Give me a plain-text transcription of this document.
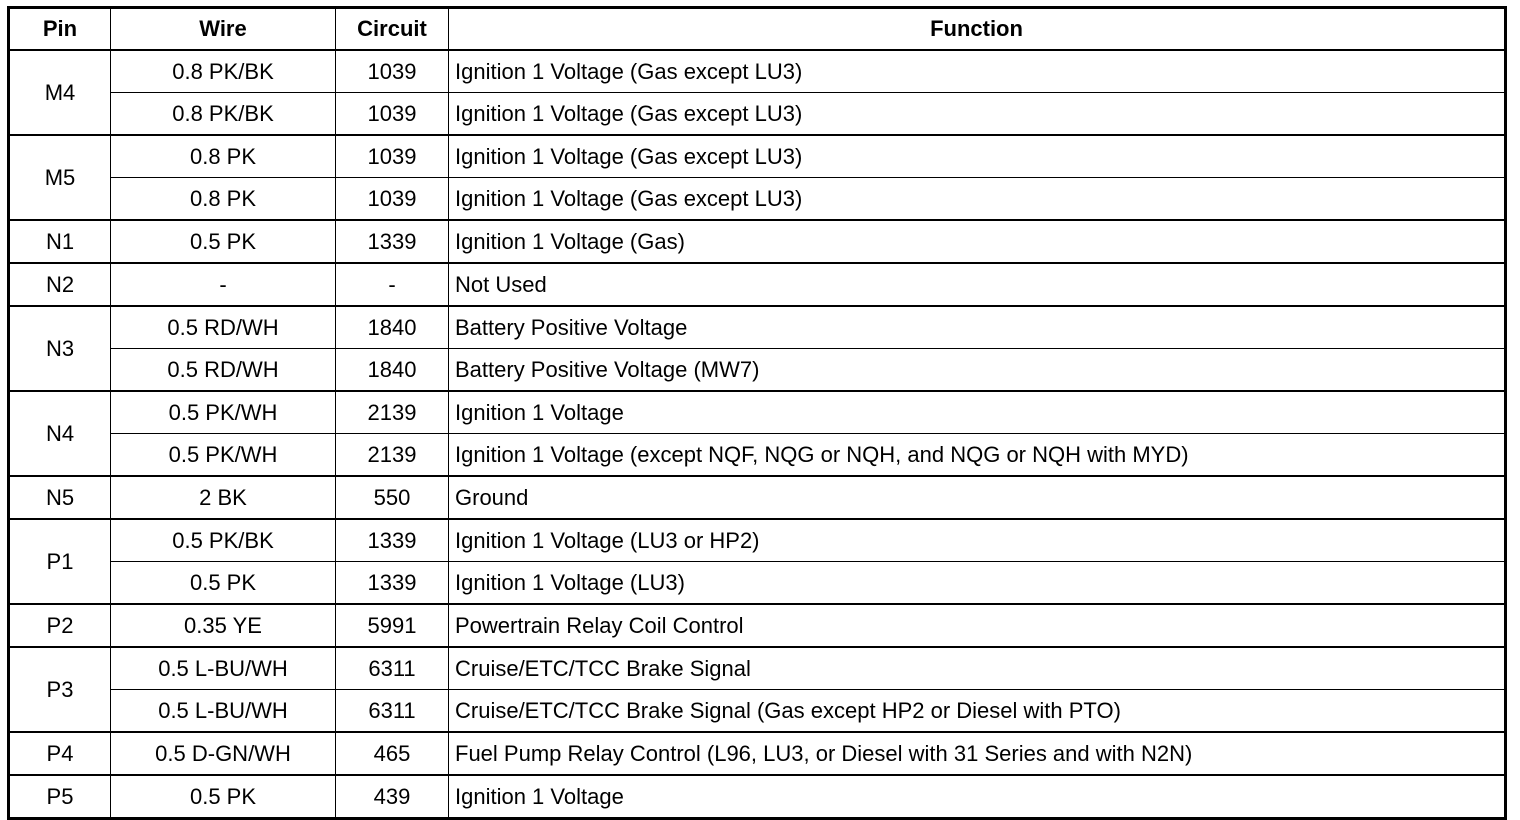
Pin	Wire	Circuit	Function
M4	0.8 PK/BK	1039	Ignition 1 Voltage (Gas except LU3)
	0.8 PK/BK	1039	Ignition 1 Voltage (Gas except LU3)
M5	0.8 PK	1039	Ignition 1 Voltage (Gas except LU3)
	0.8 PK	1039	Ignition 1 Voltage (Gas except LU3)
N1	0.5 PK	1339	Ignition 1 Voltage (Gas)
N2	-	-	Not Used
N3	0.5 RD/WH	1840	Battery Positive Voltage
	0.5 RD/WH	1840	Battery Positive Voltage (MW7)
N4	0.5 PK/WH	2139	Ignition 1 Voltage
	0.5 PK/WH	2139	Ignition 1 Voltage (except NQF, NQG or NQH, and NQG or NQH with MYD)
N5	2 BK	550	Ground
P1	0.5 PK/BK	1339	Ignition 1 Voltage (LU3 or HP2)
	0.5 PK	1339	Ignition 1 Voltage (LU3)
P2	0.35 YE	5991	Powertrain Relay Coil Control
P3	0.5 L-BU/WH	6311	Cruise/ETC/TCC Brake Signal
	0.5 L-BU/WH	6311	Cruise/ETC/TCC Brake Signal (Gas except HP2 or Diesel with PTO)
P4	0.5 D-GN/WH	465	Fuel Pump Relay Control (L96, LU3, or Diesel with 31 Series and with N2N)
P5	0.5 PK	439	Ignition 1 Voltage
